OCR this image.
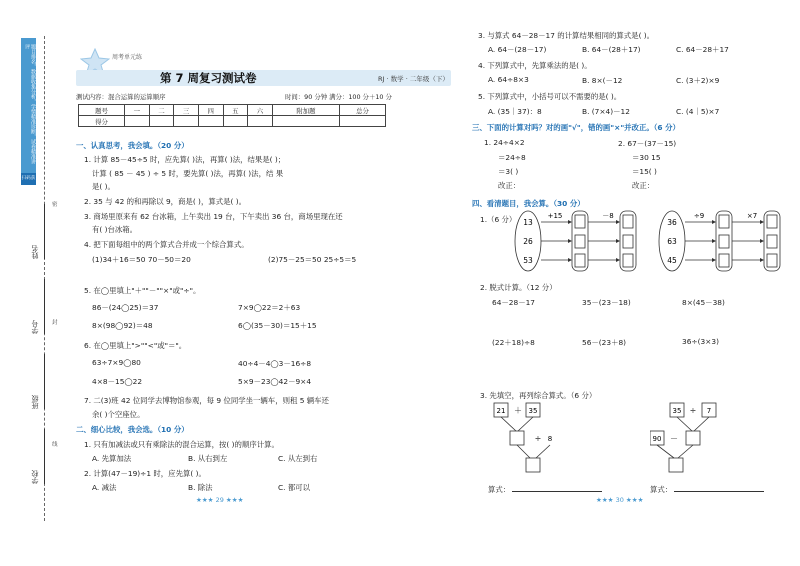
题目排名，数据收集分析，学情精准诊断，试卷精准讲评
扫码获取
密
封
线
姓名
学号
班级
学校
周考单元练
第 7 周复习测试卷	RJ · 数学 · 二年级（下）
测试内容：混合运算的运算顺序	时间：90 分钟 满分：100 分＋10 分
题号	一	二	三	四	五	六	附加题	总分
得分								
一、认真思考，我会填。（20 分）
1. 计算 85－45÷5 时，应先算( )法，再算( )法，结果是( )；
计算 ( 85 － 45 ) ÷ 5 时，要先算( )法，再算( )法，结 果
是( )。
2. 35 与 42 的和再除以 9，商是( )，算式是( )。
3. 商场里原来有 62 台冰箱，上午卖出 19 台，下午卖出 36 台，商场里现在还
有( )台冰箱。
4. 把下面每组中的两个算式合并成一个综合算式。
(1)34＋16＝50 70－50＝20	(2)75－25＝50 25÷5＝5
5. 在◯里填上"＋""－""×"或"÷"。
86－(24◯25)＝37	7×9◯22＝2＋63
8×(98◯92)＝48	6◯(35－30)＝15＋15
6. 在◯里填上">""<"或"＝"。
63÷7×9◯80	40÷4－4◯3－16÷8
4×8－15◯22	5×9－23◯42－9×4
7. 二(3)班 42 位同学去博物馆参观，每 9 位同学坐一辆车，则租 5 辆车还
余( )个空座位。
二、细心比较，我会选。（10 分）
1. 只有加减法或只有乘除法的混合运算，按( )的顺序计算。
A. 先算加法	B. 从右到左	C. 从左到右
2. 计算(47－19)÷1 时，应先算( )。
A. 减法	B. 除法	C. 都可以
★★★ 29 ★★★
3. 与算式 64－28－17 的计算结果相同的算式是( )。
A. 64－(28－17)	B. 64－(28＋17)	C. 64－28＋17
4. 下列算式中，先算乘法的是( )。
A. 64÷8×3	B. 8×(－12	C. (3＋2)×9
5. 下列算式中，小括号可以不需要的是( )。
A. (35｜37)：8	B. (7×4)－12	C. (4｜5)×7
三、下面的计算对吗？对的画"√"，错的画"×"并改正。（6 分）
1. 24÷4×2
＝24÷8
＝3( )
改正：
2. 67－(37－15)
＝30 15
＝15( )
改正：
四、看清题目，我会算。（30 分）
1.（6 分） 13
26
53
+15	－8
36
63
45
÷9	×7
2. 脱式计算。（12 分）
64－28－17	35－(23－18)	8×(45－38)
(22＋18)÷8	56－(23＋8)	36÷(3×3)
3. 先填空，再列综合算式。（6 分）
21 ＋ 35
÷ 8
35 ÷ 7
90 －
算式：	算式：
★★★ 30 ★★★
